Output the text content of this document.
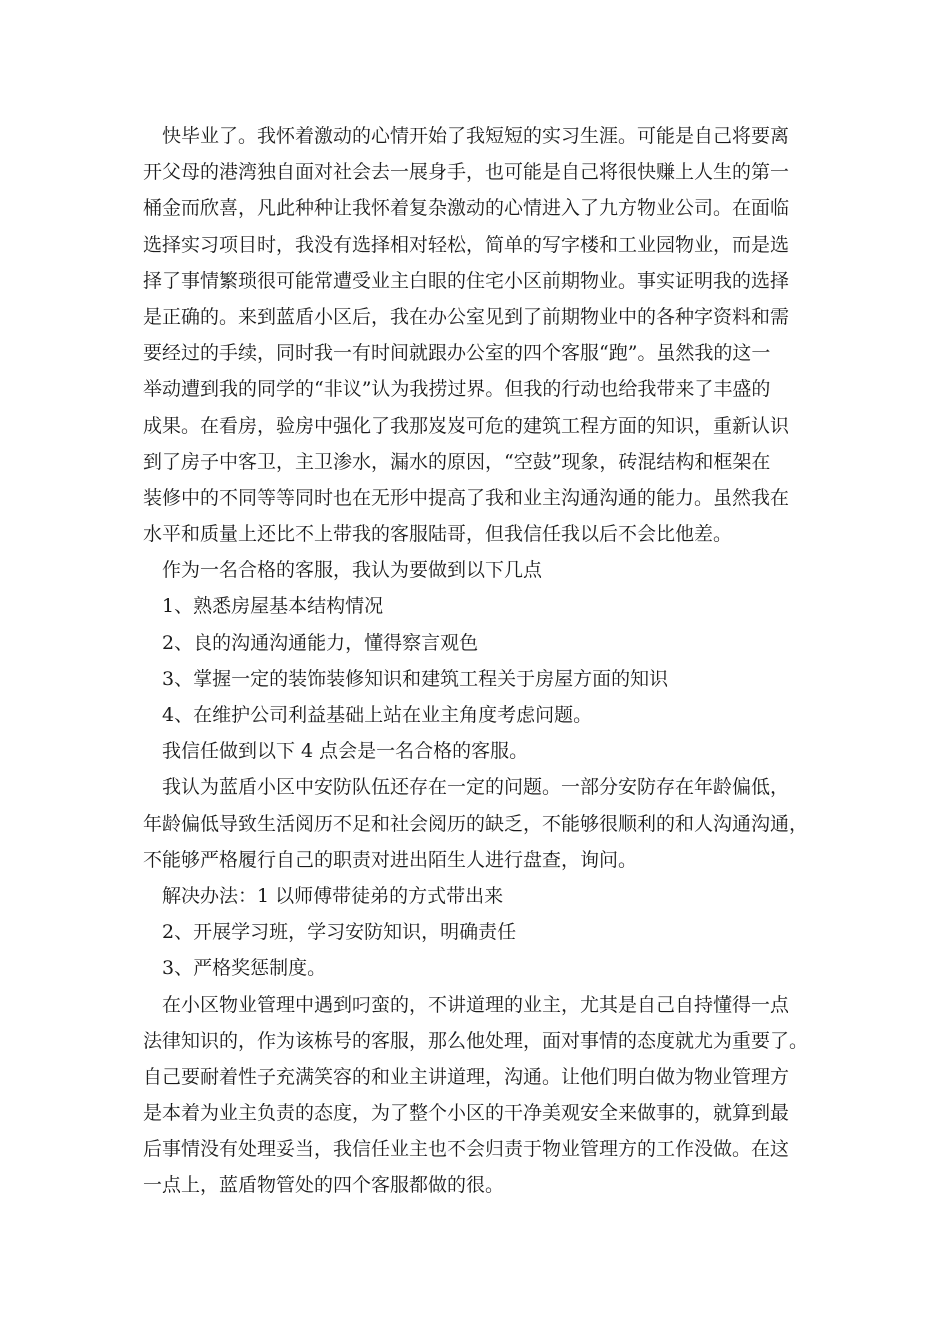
快毕业了。我怀着激动的心情开始了我短短的实习生涯。可能是自己将要离
开父母的港湾独自面对社会去一展身手，也可能是自己将很快赚上人生的第一
桶金而欣喜，凡此种种让我怀着复杂激动的心情进入了九方物业公司。在面临
选择实习项目时，我没有选择相对轻松，简单的写字楼和工业园物业，而是选
择了事情繁琐很可能常遭受业主白眼的住宅小区前期物业。事实证明我的选择
是正确的。来到蓝盾小区后，我在办公室见到了前期物业中的各种字资料和需
要经过的手续，同时我一有时间就跟办公室的四个客服“跑”。虽然我的这一
举动遭到我的同学的“非议”认为我捞过界。但我的行动也给我带来了丰盛的
成果。在看房，验房中强化了我那岌岌可危的建筑工程方面的知识，重新认识
到了房子中客卫，主卫渗水，漏水的原因，“空鼓”现象，砖混结构和框架在
装修中的不同等等同时也在无形中提高了我和业主沟通沟通的能力。虽然我在
水平和质量上还比不上带我的客服陆哥，但我信任我以后不会比他差。
作为一名合格的客服，我认为要做到以下几点
1、熟悉房屋基本结构情况
2、良的沟通沟通能力，懂得察言观色
3、掌握一定的装饰装修知识和建筑工程关于房屋方面的知识
4、在维护公司利益基础上站在业主角度考虑问题。
我信任做到以下 4 点会是一名合格的客服。
我认为蓝盾小区中安防队伍还存在一定的问题。一部分安防存在年龄偏低，
年龄偏低导致生活阅历不足和社会阅历的缺乏，不能够很顺利的和人沟通沟通，
不能够严格履行自己的职责对进出陌生人进行盘查，询问。
解决办法：1 以师傅带徒弟的方式带出来
2、开展学习班，学习安防知识，明确责任
3、严格奖惩制度。
在小区物业管理中遇到叼蛮的，不讲道理的业主，尤其是自己自持懂得一点
法律知识的，作为该栋号的客服，那么他处理，面对事情的态度就尤为重要了。
自己要耐着性子充满笑容的和业主讲道理，沟通。让他们明白做为物业管理方
是本着为业主负责的态度，为了整个小区的干净美观安全来做事的，就算到最
后事情没有处理妥当，我信任业主也不会归责于物业管理方的工作没做。在这
一点上，蓝盾物管处的四个客服都做的很。
